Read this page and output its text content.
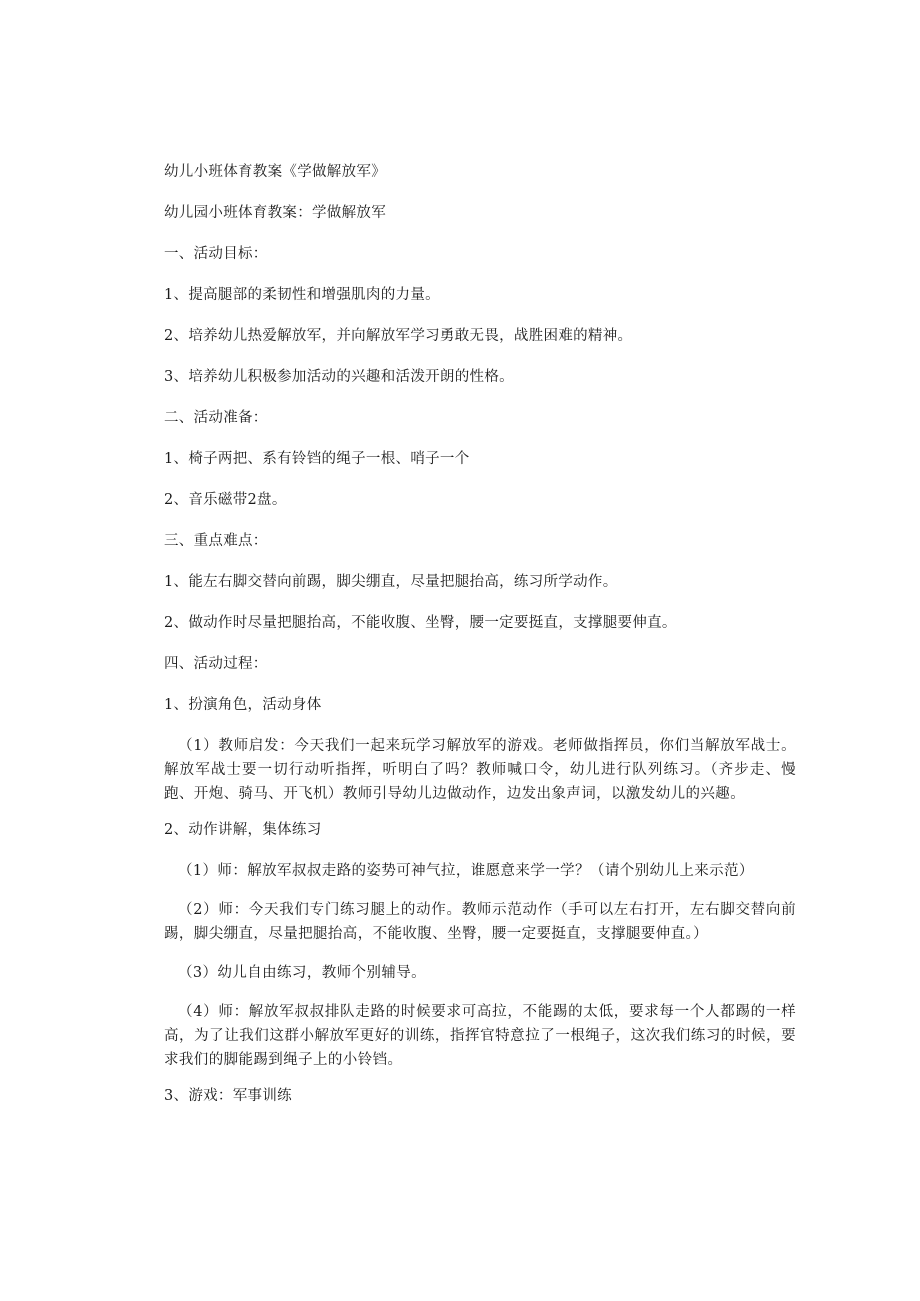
幼儿小班体育教案《学做解放军》
幼儿园小班体育教案：学做解放军
一、活动目标：
1、提高腿部的柔韧性和增强肌肉的力量。
2、培养幼儿热爱解放军，并向解放军学习勇敢无畏，战胜困难的精神。
3、培养幼儿积极参加活动的兴趣和活泼开朗的性格。
二、活动准备：
1、椅子两把、系有铃铛的绳子一根、哨子一个
2、音乐磁带2盘。
三、重点难点：
1、能左右脚交替向前踢，脚尖绷直，尽量把腿抬高，练习所学动作。
2、做动作时尽量把腿抬高，不能收腹、坐臀，腰一定要挺直，支撑腿要伸直。
四、活动过程：
1、扮演角色，活动身体
（1）教师启发：今天我们一起来玩学习解放军的游戏。老师做指挥员，你们当解放军战士。解放军战士要一切行动听指挥，听明白了吗？教师喊口令，幼儿进行队列练习。（齐步走、慢跑、开炮、骑马、开飞机）教师引导幼儿边做动作，边发出象声词，以激发幼儿的兴趣。
2、动作讲解，集体练习
（1）师：解放军叔叔走路的姿势可神气拉，谁愿意来学一学？（请个别幼儿上来示范）
（2）师：今天我们专门练习腿上的动作。教师示范动作（手可以左右打开，左右脚交替向前踢，脚尖绷直，尽量把腿抬高，不能收腹、坐臀，腰一定要挺直，支撑腿要伸直。）
（3）幼儿自由练习，教师个别辅导。
（4）师：解放军叔叔排队走路的时候要求可高拉，不能踢的太低，要求每一个人都踢的一样高，为了让我们这群小解放军更好的训练，指挥官特意拉了一根绳子，这次我们练习的时候，要求我们的脚能踢到绳子上的小铃铛。
3、游戏：军事训练
